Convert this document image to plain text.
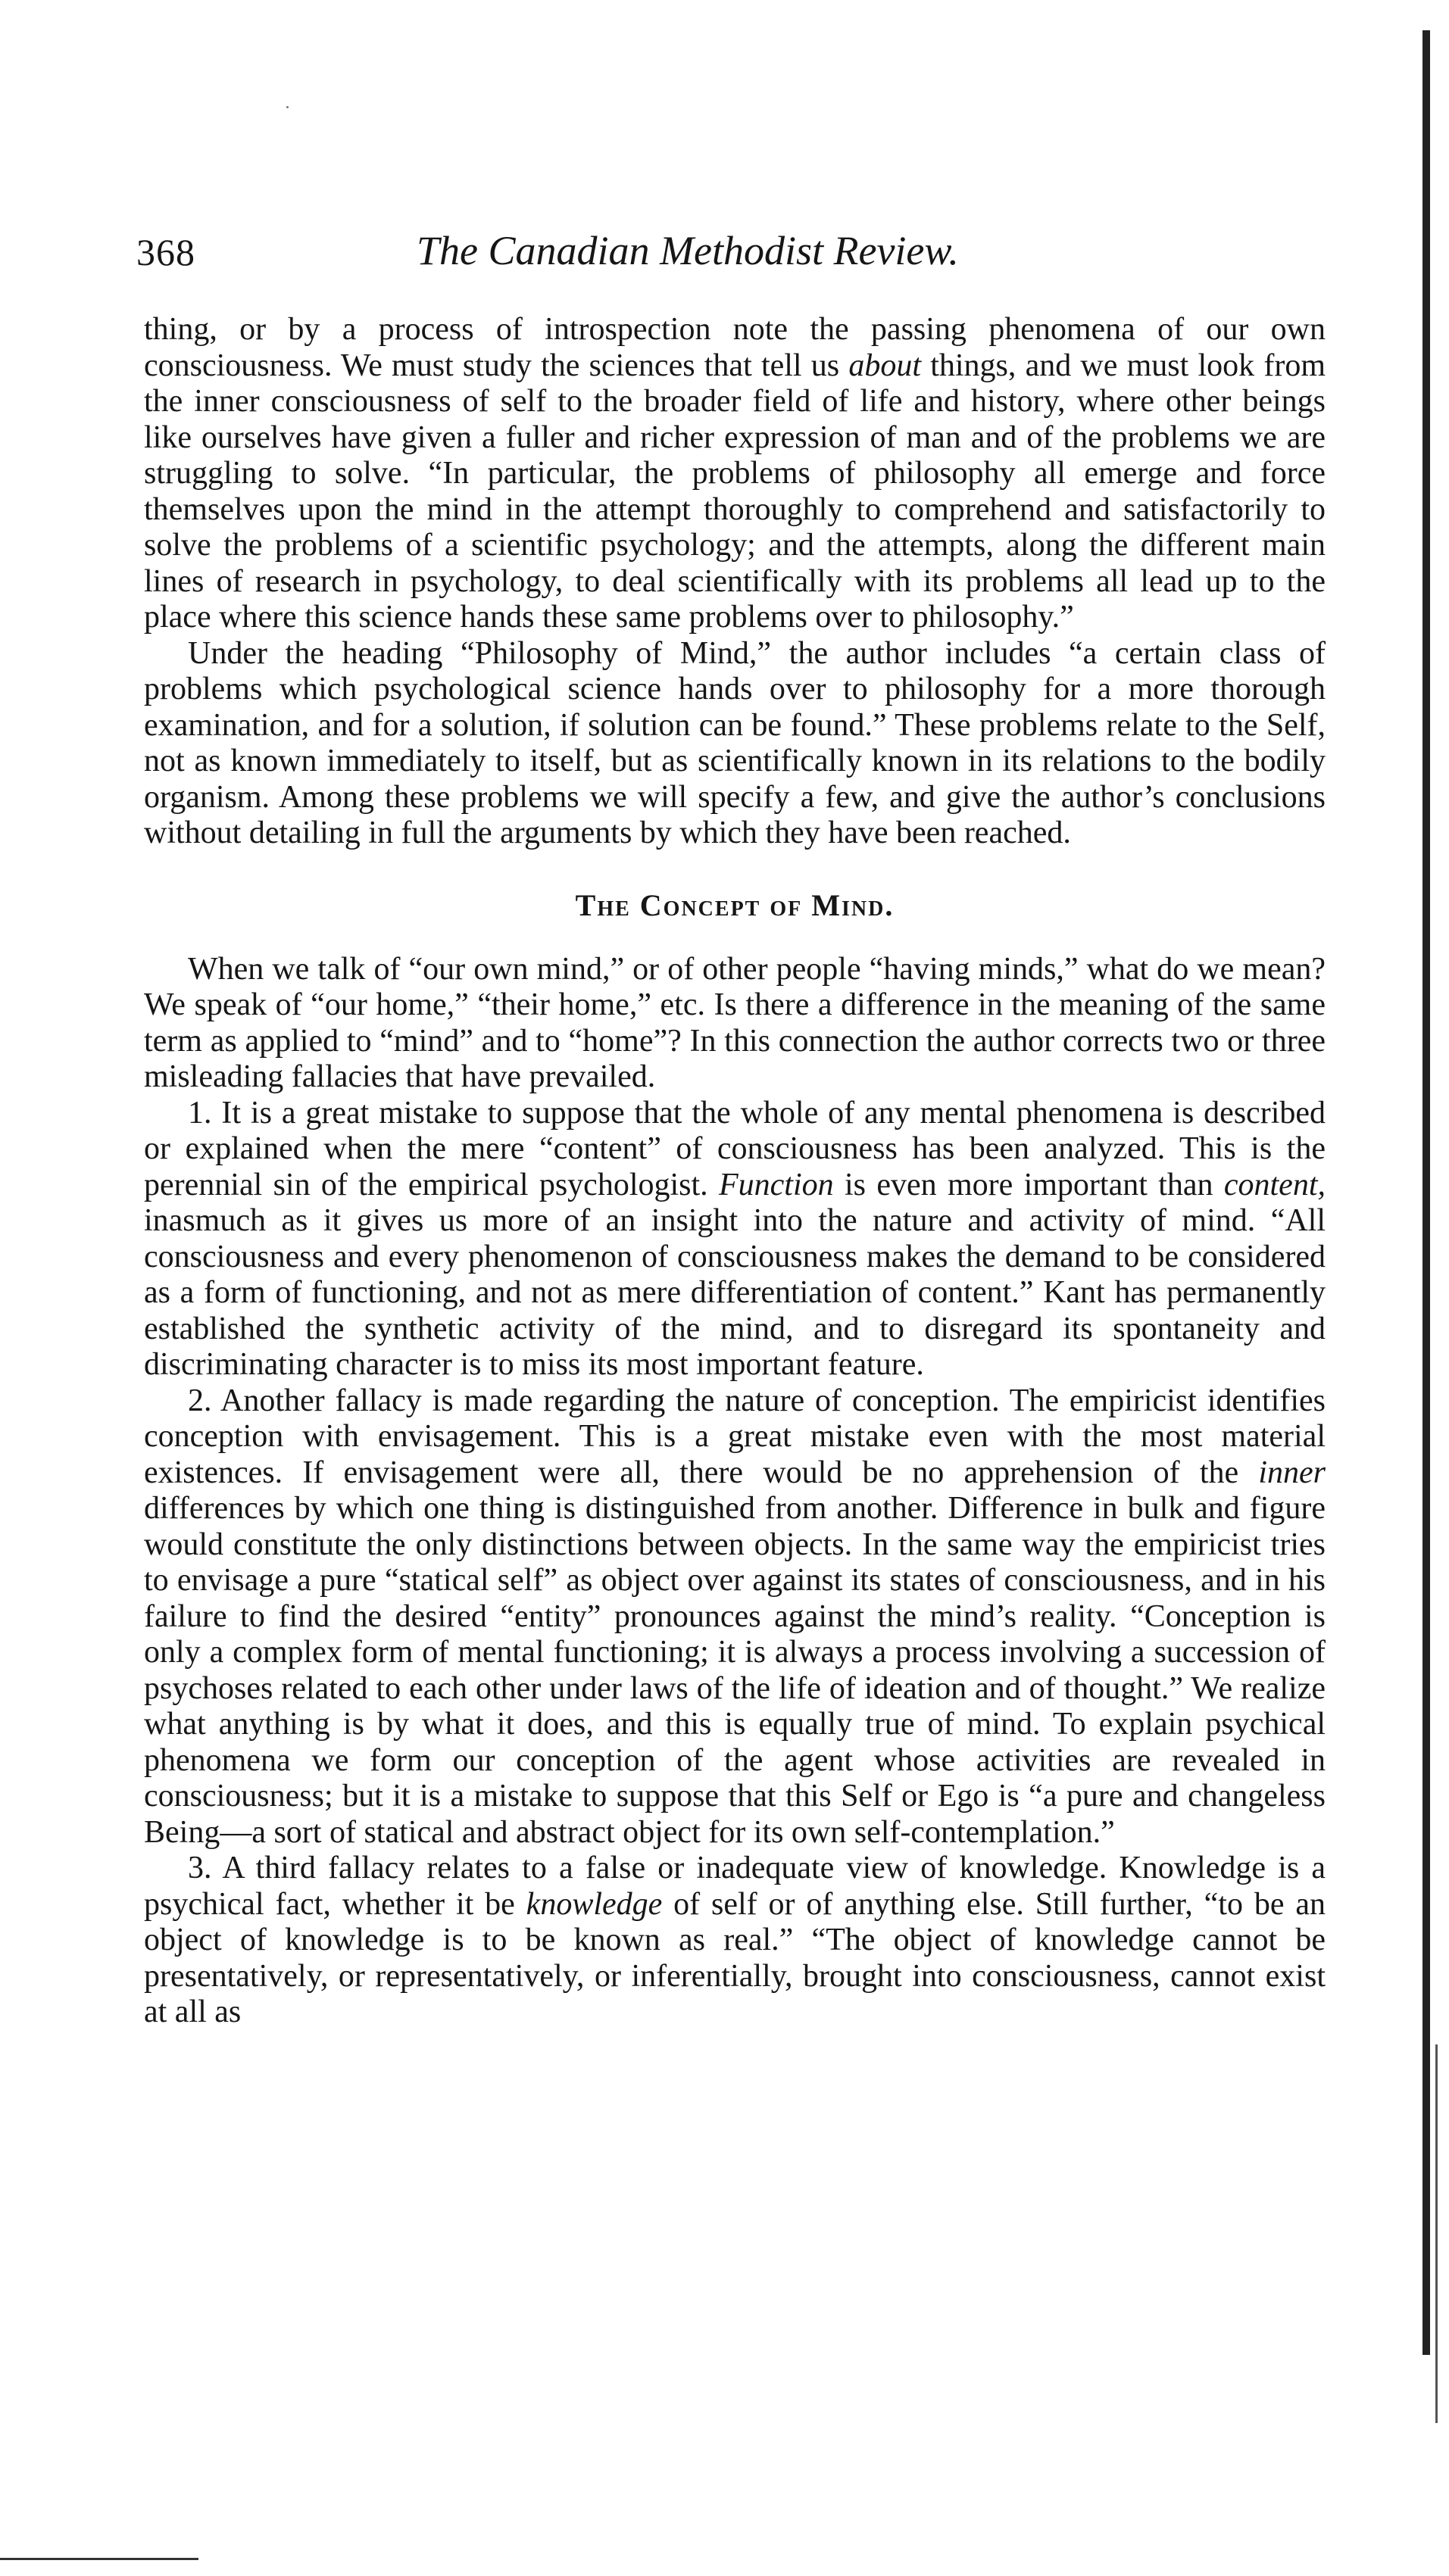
368	The Canadian Methodist Review.

thing, or by a process of introspection note the passing phenomena of our own consciousness. We must study the sciences that tell us about things, and we must look from the inner consciousness of self to the broader field of life and history, where other beings like ourselves have given a fuller and richer expression of man and of the problems we are struggling to solve. “In particular, the problems of philosophy all emerge and force themselves upon the mind in the attempt thoroughly to comprehend and satisfactorily to solve the problems of a scientific psychology; and the attempts, along the different main lines of research in psychology, to deal scientifically with its problems all lead up to the place where this science hands these same problems over to philosophy.”

Under the heading “Philosophy of Mind,” the author includes “a certain class of problems which psychological science hands over to philosophy for a more thorough examination, and for a solution, if solution can be found.” These problems relate to the Self, not as known immediately to itself, but as scientifically known in its relations to the bodily organism. Among these problems we will specify a few, and give the author’s conclusions without detailing in full the arguments by which they have been reached.

The Concept of Mind.

When we talk of “our own mind,” or of other people “having minds,” what do we mean? We speak of “our home,” “their home,” etc. Is there a difference in the meaning of the same term as applied to “mind” and to “home”? In this connection the author corrects two or three misleading fallacies that have prevailed.

1. It is a great mistake to suppose that the whole of any mental phenomena is described or explained when the mere “content” of consciousness has been analyzed. This is the perennial sin of the empirical psychologist. Function is even more important than content, inasmuch as it gives us more of an insight into the nature and activity of mind. “All consciousness and every phenomenon of consciousness makes the demand to be considered as a form of functioning, and not as mere differentiation of content.” Kant has permanently established the synthetic activity of the mind, and to disregard its spontaneity and discriminating character is to miss its most important feature.

2. Another fallacy is made regarding the nature of conception. The empiricist identifies conception with envisagement. This is a great mistake even with the most material existences. If envisagement were all, there would be no apprehension of the inner differences by which one thing is distinguished from another. Difference in bulk and figure would constitute the only distinctions between objects. In the same way the empiricist tries to envisage a pure “statical self” as object over against its states of consciousness, and in his failure to find the desired “entity” pronounces against the mind’s reality. “Conception is only a complex form of mental functioning; it is always a process involving a succession of psychoses related to each other under laws of the life of ideation and of thought.” We realize what anything is by what it does, and this is equally true of mind. To explain psychical phenomena we form our conception of the agent whose activities are revealed in consciousness; but it is a mistake to suppose that this Self or Ego is “a pure and changeless Being—a sort of statical and abstract object for its own self-contemplation.”

3. A third fallacy relates to a false or inadequate view of knowledge. Knowledge is a psychical fact, whether it be knowledge of self or of anything else. Still further, “to be an object of knowledge is to be known as real.” “The object of knowledge cannot be presentatively, or representatively, or inferentially, brought into consciousness, cannot exist at all as
